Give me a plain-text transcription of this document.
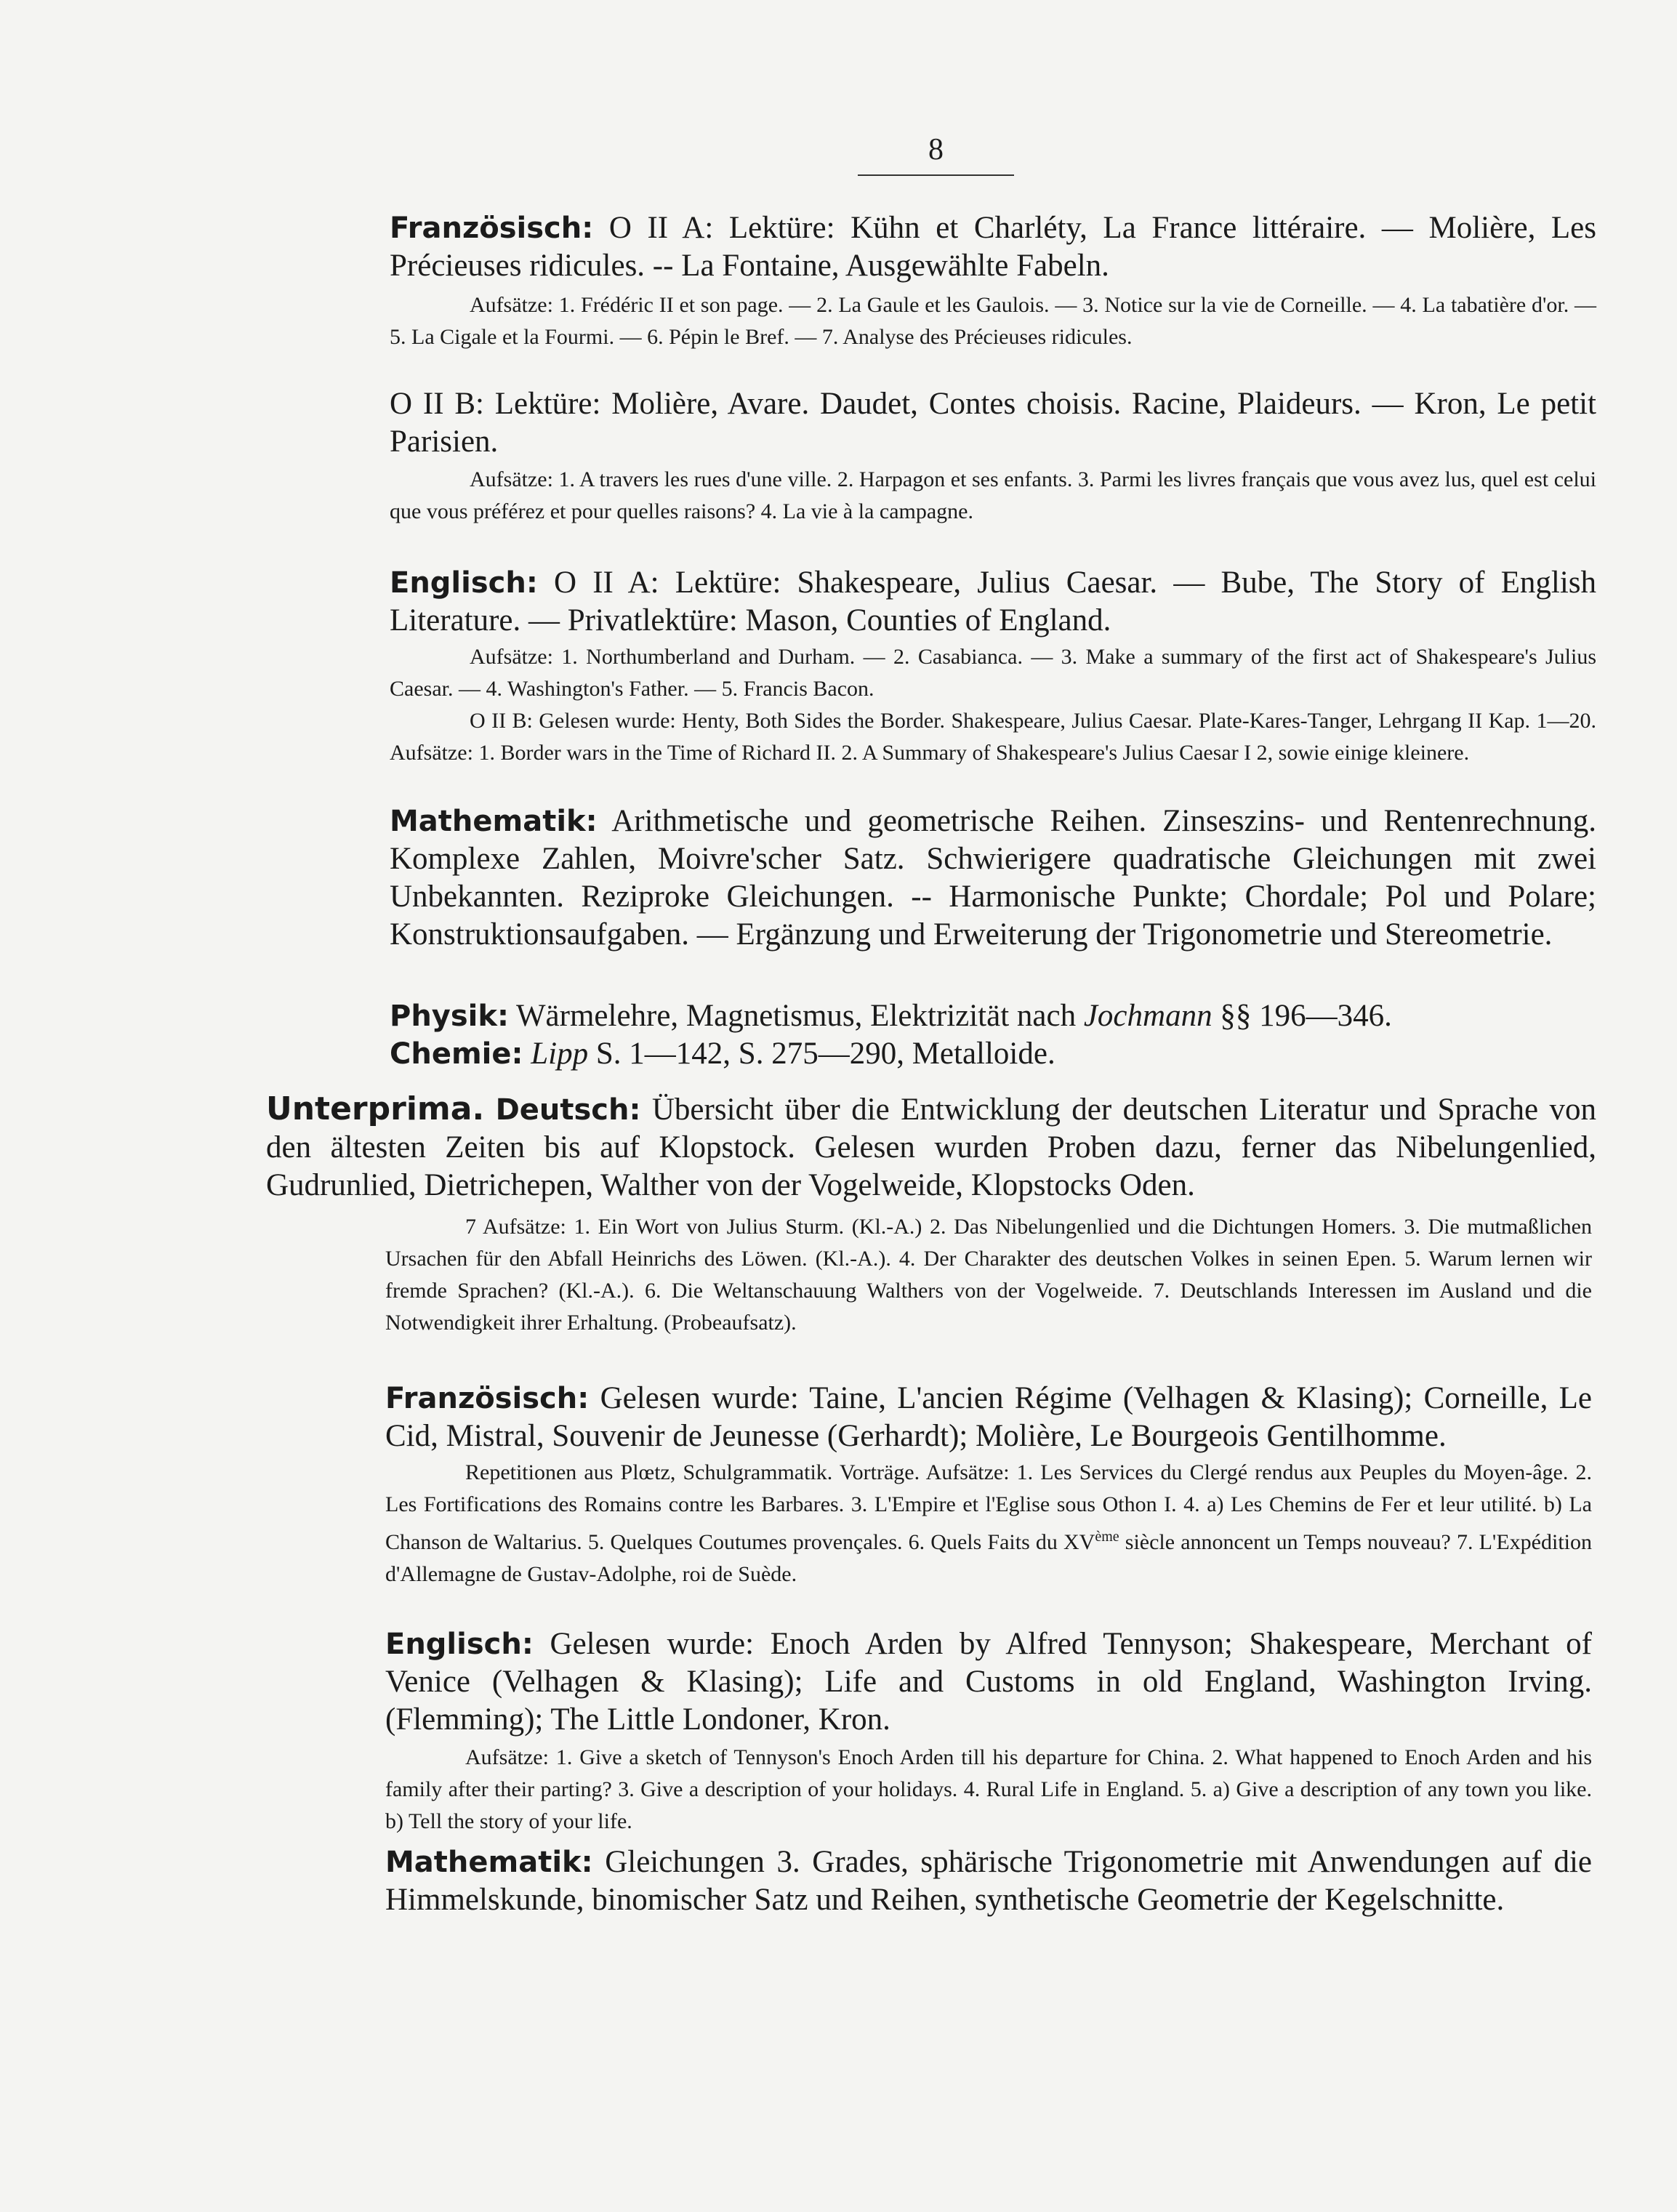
8
Französisch: O II A: Lektüre: Kühn et Charléty, La France littéraire. — Molière, Les Précieuses ridicules. -- La Fontaine, Ausgewählte Fabeln.
Aufsätze: 1. Frédéric II et son page. — 2. La Gaule et les Gaulois. — 3. Notice sur la vie de Corneille. — 4. La tabatière d'or. — 5. La Cigale et la Fourmi. — 6. Pépin le Bref. — 7. Analyse des Précieuses ridicules.
O II B: Lektüre: Molière, Avare. Daudet, Contes choisis. Racine, Plaideurs. — Kron, Le petit Parisien.
Aufsätze: 1. A travers les rues d'une ville. 2. Harpagon et ses enfants. 3. Parmi les livres français que vous avez lus, quel est celui que vous préférez et pour quelles raisons? 4. La vie à la campagne.
Englisch: O II A: Lektüre: Shakespeare, Julius Caesar. — Bube, The Story of English Literature. — Privatlektüre: Mason, Counties of England.
Aufsätze: 1. Northumberland and Durham. — 2. Casabianca. — 3. Make a summary of the first act of Shakespeare's Julius Caesar. — 4. Washington's Father. — 5. Francis Bacon.
O II B: Gelesen wurde: Henty, Both Sides the Border. Shakespeare, Julius Caesar. Plate-Kares-Tanger, Lehrgang II Kap. 1—20. Aufsätze: 1. Border wars in the Time of Richard II. 2. A Summary of Shakespeare's Julius Caesar I 2, sowie einige kleinere.
Mathematik: Arithmetische und geometrische Reihen. Zinseszins- und Rentenrechnung. Komplexe Zahlen, Moivre'scher Satz. Schwierigere quadratische Gleichungen mit zwei Unbekannten. Reziproke Gleichungen. -- Harmonische Punkte; Chordale; Pol und Polare; Konstruktionsaufgaben. — Ergänzung und Erweiterung der Trigonometrie und Stereometrie.
Physik: Wärmelehre, Magnetismus, Elektrizität nach Jochmann §§ 196—346.
Chemie: Lipp S. 1—142, S. 275—290, Metalloide.
Unterprima. Deutsch: Übersicht über die Entwicklung der deutschen Literatur und Sprache von den ältesten Zeiten bis auf Klopstock. Gelesen wurden Proben dazu, ferner das Nibelungenlied, Gudrunlied, Dietrichepen, Walther von der Vogelweide, Klopstocks Oden.
7 Aufsätze: 1. Ein Wort von Julius Sturm. (Kl.-A.) 2. Das Nibelungenlied und die Dichtungen Homers. 3. Die mutmaßlichen Ursachen für den Abfall Heinrichs des Löwen. (Kl.-A.). 4. Der Charakter des deutschen Volkes in seinen Epen. 5. Warum lernen wir fremde Sprachen? (Kl.-A.). 6. Die Weltanschauung Walthers von der Vogelweide. 7. Deutschlands Interessen im Ausland und die Notwendigkeit ihrer Erhaltung. (Probeaufsatz).
Französisch: Gelesen wurde: Taine, L'ancien Régime (Velhagen & Klasing); Corneille, Le Cid, Mistral, Souvenir de Jeunesse (Gerhardt); Molière, Le Bourgeois Gentilhomme.
Repetitionen aus Plœtz, Schulgrammatik. Vorträge. Aufsätze: 1. Les Services du Clergé rendus aux Peuples du Moyen-âge. 2. Les Fortifications des Romains contre les Barbares. 3. L'Empire et l'Eglise sous Othon I. 4. a) Les Chemins de Fer et leur utilité. b) La Chanson de Waltarius. 5. Quelques Coutumes provençales. 6. Quels Faits du XVème siècle annoncent un Temps nouveau? 7. L'Expédition d'Allemagne de Gustav-Adolphe, roi de Suède.
Englisch: Gelesen wurde: Enoch Arden by Alfred Tennyson; Shakespeare, Merchant of Venice (Velhagen & Klasing); Life and Customs in old England, Washington Irving. (Flemming); The Little Londoner, Kron.
Aufsätze: 1. Give a sketch of Tennyson's Enoch Arden till his departure for China. 2. What happened to Enoch Arden and his family after their parting? 3. Give a description of your holidays. 4. Rural Life in England. 5. a) Give a description of any town you like. b) Tell the story of your life.
Mathematik: Gleichungen 3. Grades, sphärische Trigonometrie mit Anwendungen auf die Himmelskunde, binomischer Satz und Reihen, synthetische Geometrie der Kegelschnitte.
